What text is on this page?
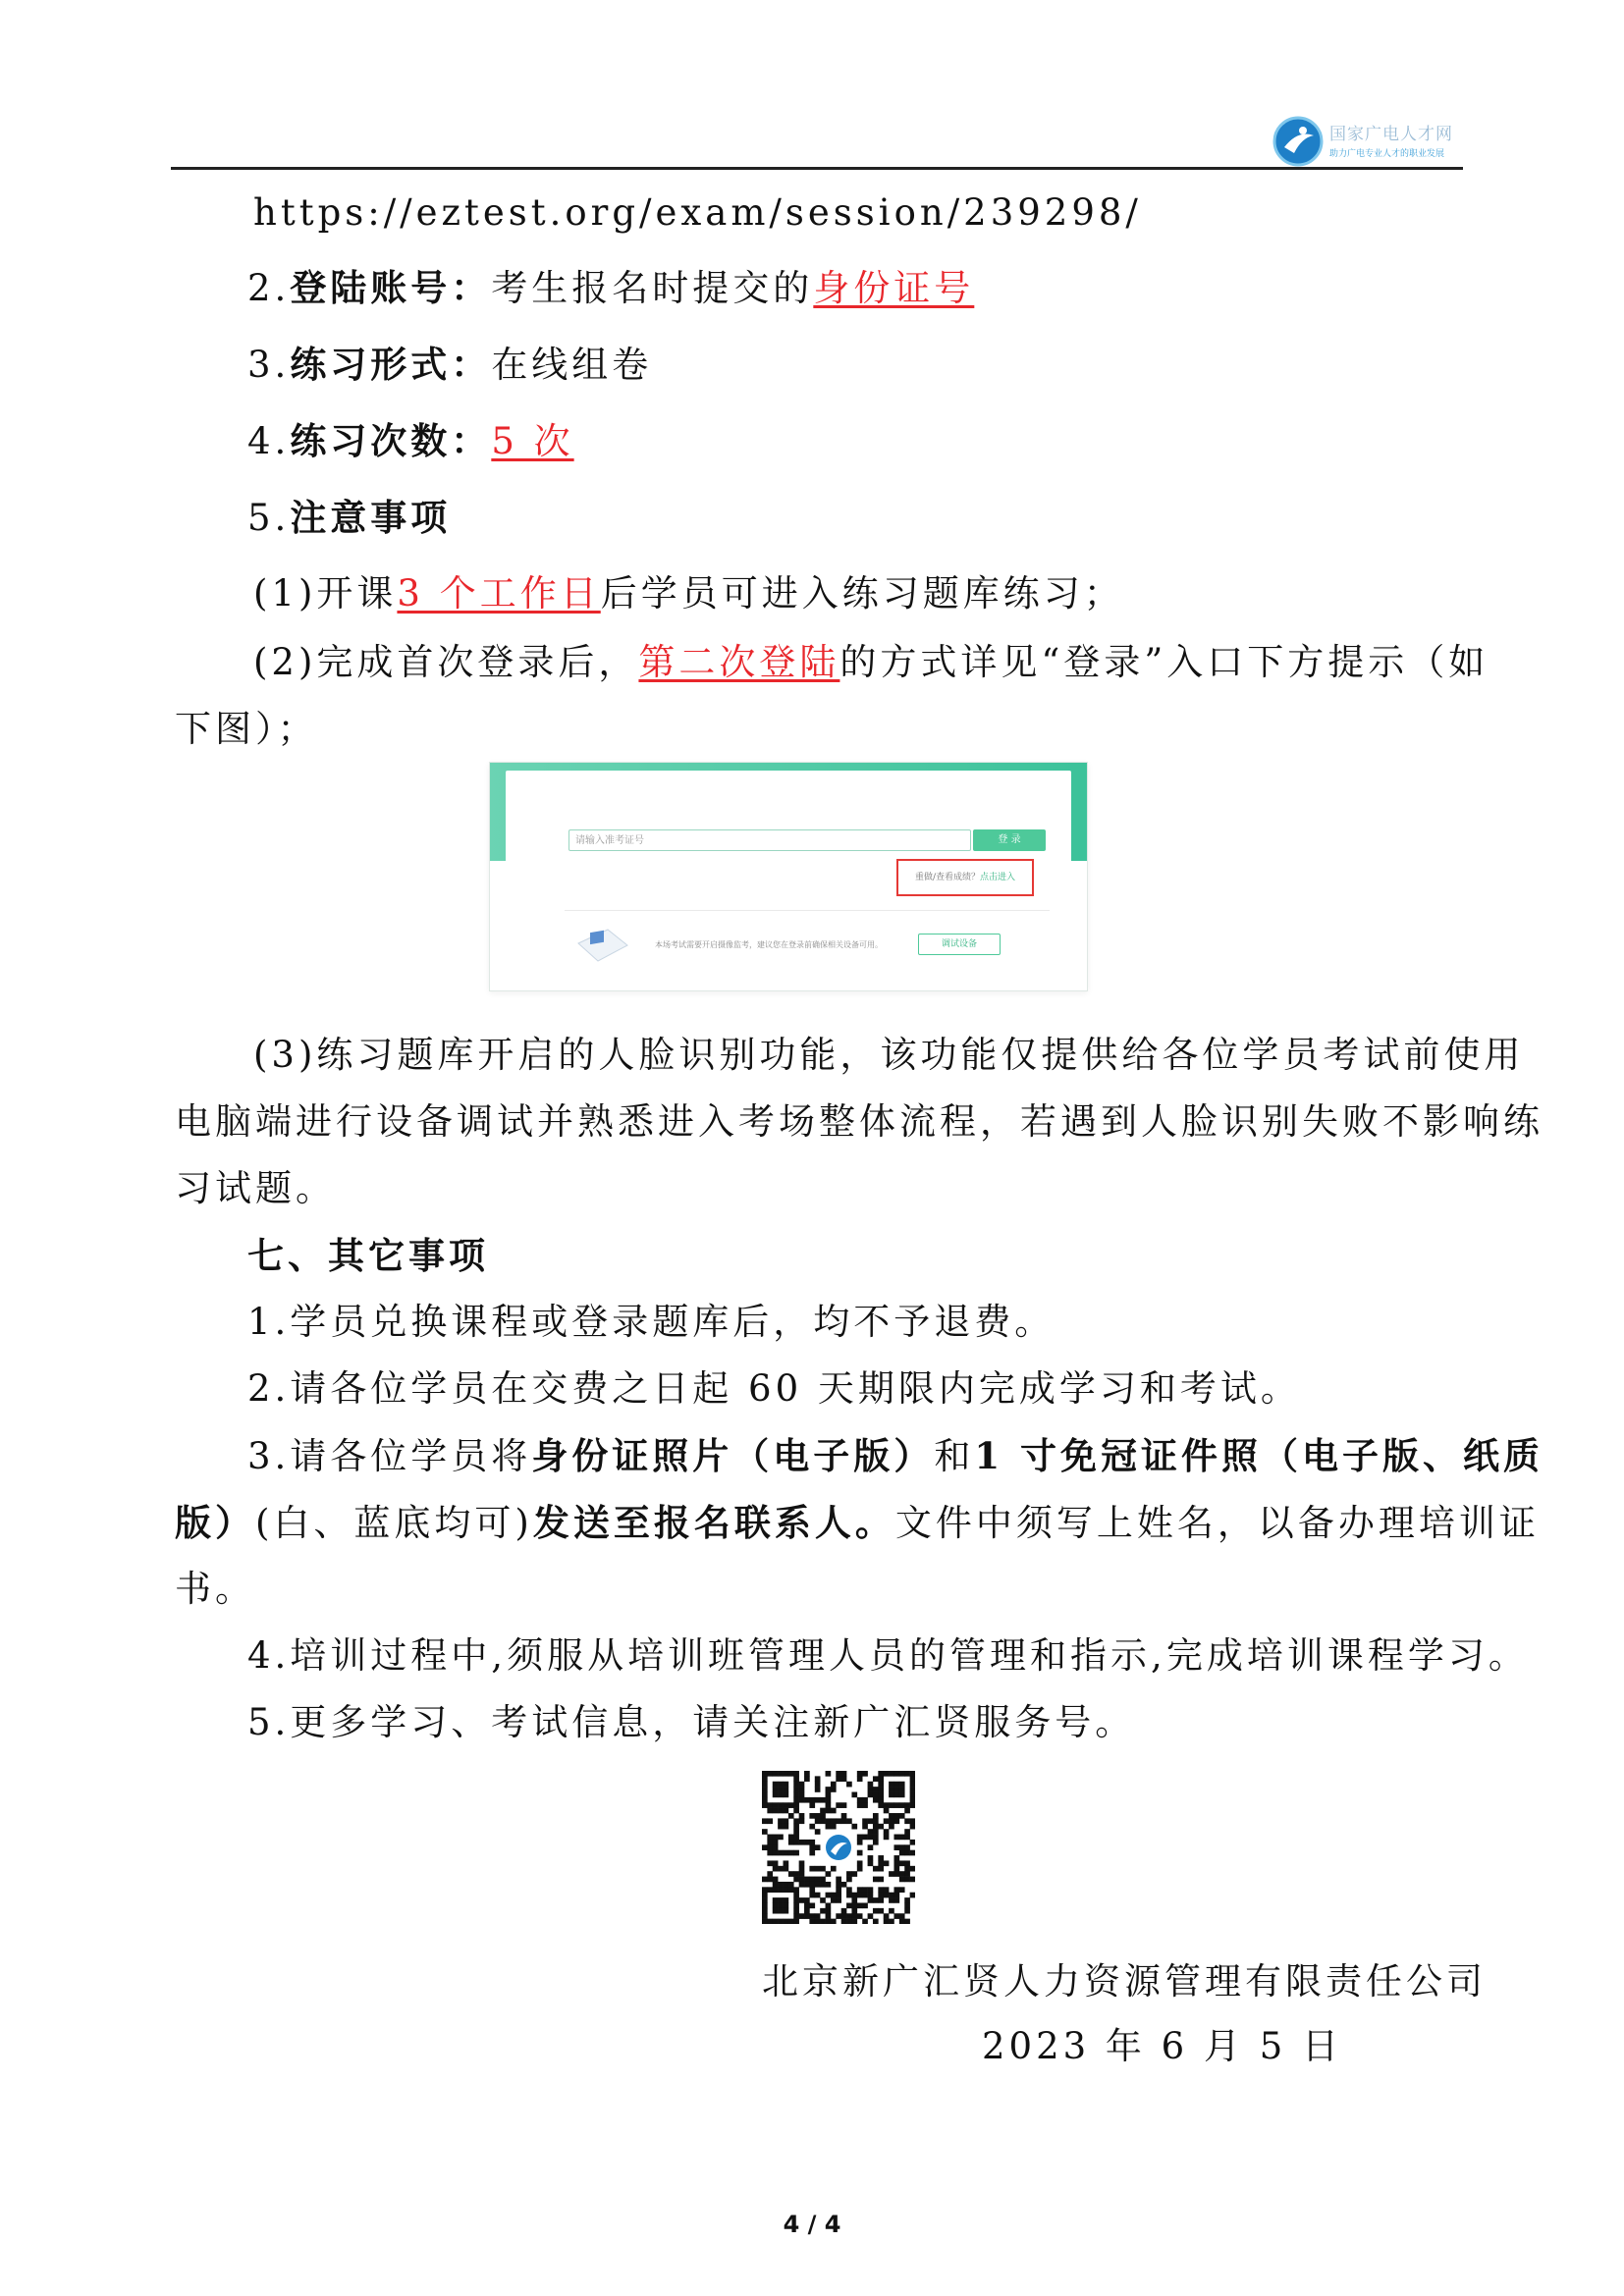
国家广电人才网
助力广电专业人才的职业发展
https://eztest.org/exam/session/239298/
2.登陆账号：考生报名时提交的身份证号
3.练习形式：在线组卷
4.练习次数：5 次
5.注意事项
(1)开课3 个工作日后学员可进入练习题库练习；
(2)完成首次登录后，第二次登陆的方式详见“登录”入口下方提示（如
下图）；
请输入准考证号	登 录
重做/查看成绩？点击进入
本场考试需要开启摄像监考，建议您在登录前确保相关设备可用。	调试设备
(3)练习题库开启的人脸识别功能，该功能仅提供给各位学员考试前使用
电脑端进行设备调试并熟悉进入考场整体流程，若遇到人脸识别失败不影响练
习试题。
七、其它事项
1.学员兑换课程或登录题库后，均不予退费。
2.请各位学员在交费之日起 60 天期限内完成学习和考试。
3.请各位学员将身份证照片（电子版）和1 寸免冠证件照（电子版、纸质
版）(白、蓝底均可)发送至报名联系人。文件中须写上姓名，以备办理培训证
书。
4.培训过程中,须服从培训班管理人员的管理和指示,完成培训课程学习。
5.更多学习、考试信息，请关注新广汇贤服务号。
北京新广汇贤人力资源管理有限责任公司
2023 年 6 月 5 日
4 / 4
